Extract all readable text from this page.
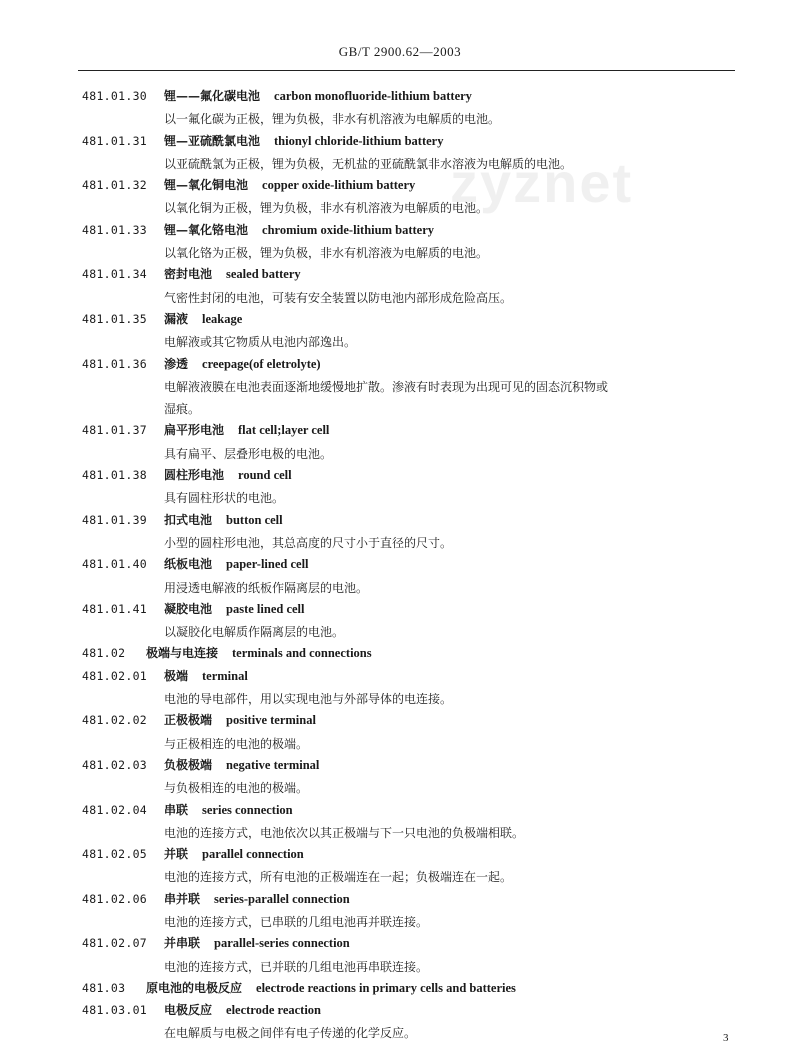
GB/T 2900.62—2003
zyznet
481.01.30 锂——氟化碳电池 carbon monofluoride-lithium battery
以一氟化碳为正极，锂为负极，非水有机溶液为电解质的电池。
481.01.31 锂—亚硫酰氯电池 thionyl chloride-lithium battery
以亚硫酰氯为正极，锂为负极，无机盐的亚硫酰氯非水溶液为电解质的电池。
481.01.32 锂—氧化铜电池 copper oxide-lithium battery
以氧化铜为正极，锂为负极，非水有机溶液为电解质的电池。
481.01.33 锂—氧化铬电池 chromium oxide-lithium battery
以氧化铬为正极，锂为负极，非水有机溶液为电解质的电池。
481.01.34 密封电池 sealed battery
气密性封闭的电池，可装有安全装置以防电池内部形成危险高压。
481.01.35 漏液 leakage
电解液或其它物质从电池内部逸出。
481.01.36 渗透 creepage(of eletrolyte)
电解液液膜在电池表面逐渐地缓慢地扩散。渗液有时表现为出现可见的固态沉积物或
湿痕。
481.01.37 扁平形电池 flat cell;layer cell
具有扁平、层叠形电极的电池。
481.01.38 圆柱形电池 round cell
具有圆柱形状的电池。
481.01.39 扣式电池 button cell
小型的圆柱形电池，其总高度的尺寸小于直径的尺寸。
481.01.40 纸板电池 paper-lined cell
用浸透电解液的纸板作隔离层的电池。
481.01.41 凝胶电池 paste lined cell
以凝胶化电解质作隔离层的电池。
481.02 极端与电连接 terminals and connections
481.02.01 极端 terminal
电池的导电部件，用以实现电池与外部导体的电连接。
481.02.02 正极极端 positive terminal
与正极相连的电池的极端。
481.02.03 负极极端 negative terminal
与负极相连的电池的极端。
481.02.04 串联 series connection
电池的连接方式，电池依次以其正极端与下一只电池的负极端相联。
481.02.05 并联 parallel connection
电池的连接方式，所有电池的正极端连在一起；负极端连在一起。
481.02.06 串并联 series-parallel connection
电池的连接方式，已串联的几组电池再并联连接。
481.02.07 并串联 parallel-series connection
电池的连接方式，已并联的几组电池再串联连接。
481.03 原电池的电极反应 electrode reactions in primary cells and batteries
481.03.01 电极反应 electrode reaction
在电解质与电极之间伴有电子传递的化学反应。	3
